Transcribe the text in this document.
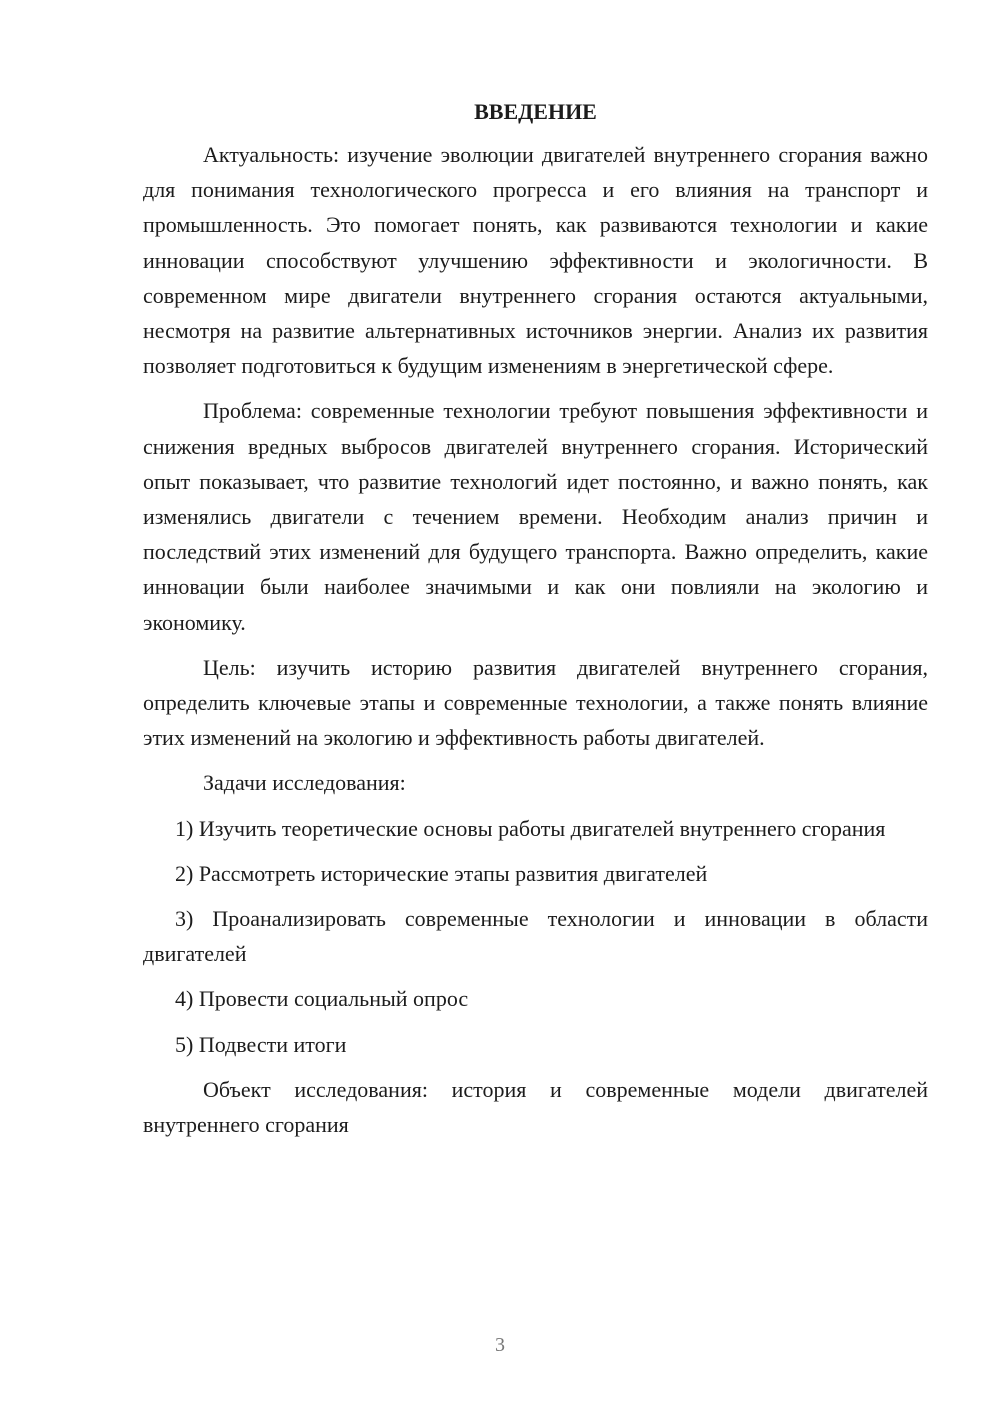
ВВЕДЕНИЕ

Актуальность: изучение эволюции двигателей внутреннего сгорания важно для понимания технологического прогресса и его влияния на транспорт и промышленность. Это помогает понять, как развиваются технологии и какие инновации способствуют улучшению эффективности и экологичности. В современном мире двигатели внутреннего сгорания остаются актуальными, несмотря на развитие альтернативных источников энергии. Анализ их развития позволяет подготовиться к будущим изменениям в энергетической сфере.

Проблема: современные технологии требуют повышения эффективности и снижения вредных выбросов двигателей внутреннего сгорания. Исторический опыт показывает, что развитие технологий идет постоянно, и важно понять, как изменялись двигатели с течением времени. Необходим анализ причин и последствий этих изменений для будущего транспорта. Важно определить, какие инновации были наиболее значимыми и как они повлияли на экологию и экономику.

Цель: изучить историю развития двигателей внутреннего сгорания, определить ключевые этапы и современные технологии, а также понять влияние этих изменений на экологию и эффективность работы двигателей.

Задачи исследования:

1) Изучить теоретические основы работы двигателей внутреннего сгорания

2) Рассмотреть исторические этапы развития двигателей

3) Проанализировать современные технологии и инновации в области двигателей

4) Провести социальный опрос

5) Подвести итоги

Объект исследования: история и современные модели двигателей внутреннего сгорания

3
